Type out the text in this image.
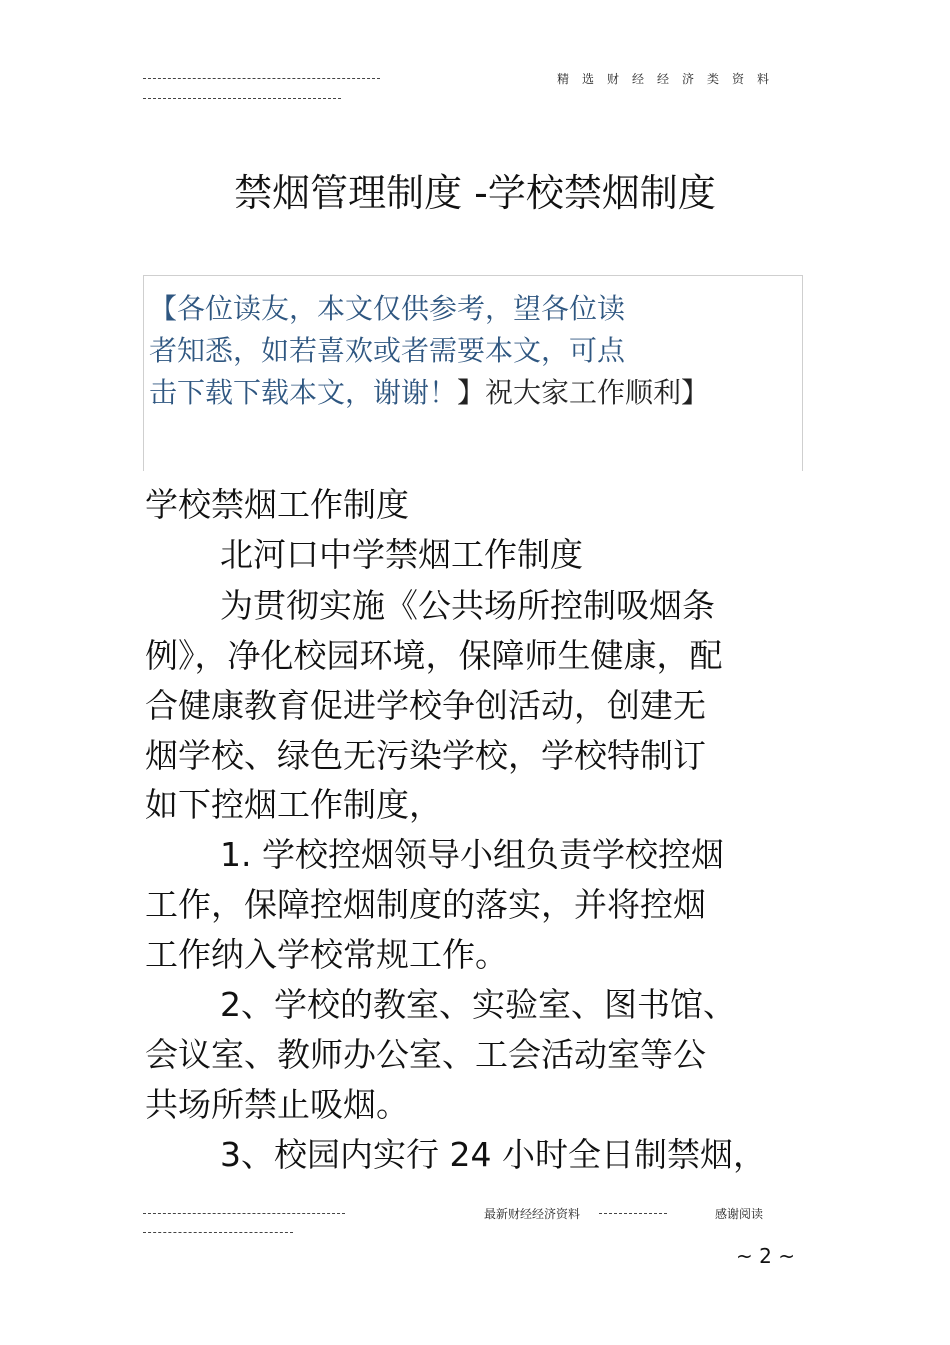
精选财经经济类资料
禁烟管理制度 -学校禁烟制度
【各位读友，本文仅供参考，望各位读
者知悉，如若喜欢或者需要本文，可点
击下载下载本文，谢谢！】祝大家工作顺利】
学校禁烟工作制度
北河口中学禁烟工作制度
为贯彻实施《公共场所控制吸烟条
例》，净化校园环境，保障师生健康，配
合健康教育促进学校争创活动，创建无
烟学校、绿色无污染学校，学校特制订
如下控烟工作制度，
1. 学校控烟领导小组负责学校控烟
工作，保障控烟制度的落实，并将控烟
工作纳入学校常规工作。
2、学校的教室、实验室、图书馆、
会议室、教师办公室、工会活动室等公
共场所禁止吸烟。
3、校园内实行 24 小时全日制禁烟，
最新财经经济资料	感谢阅读
~ 2 ~
